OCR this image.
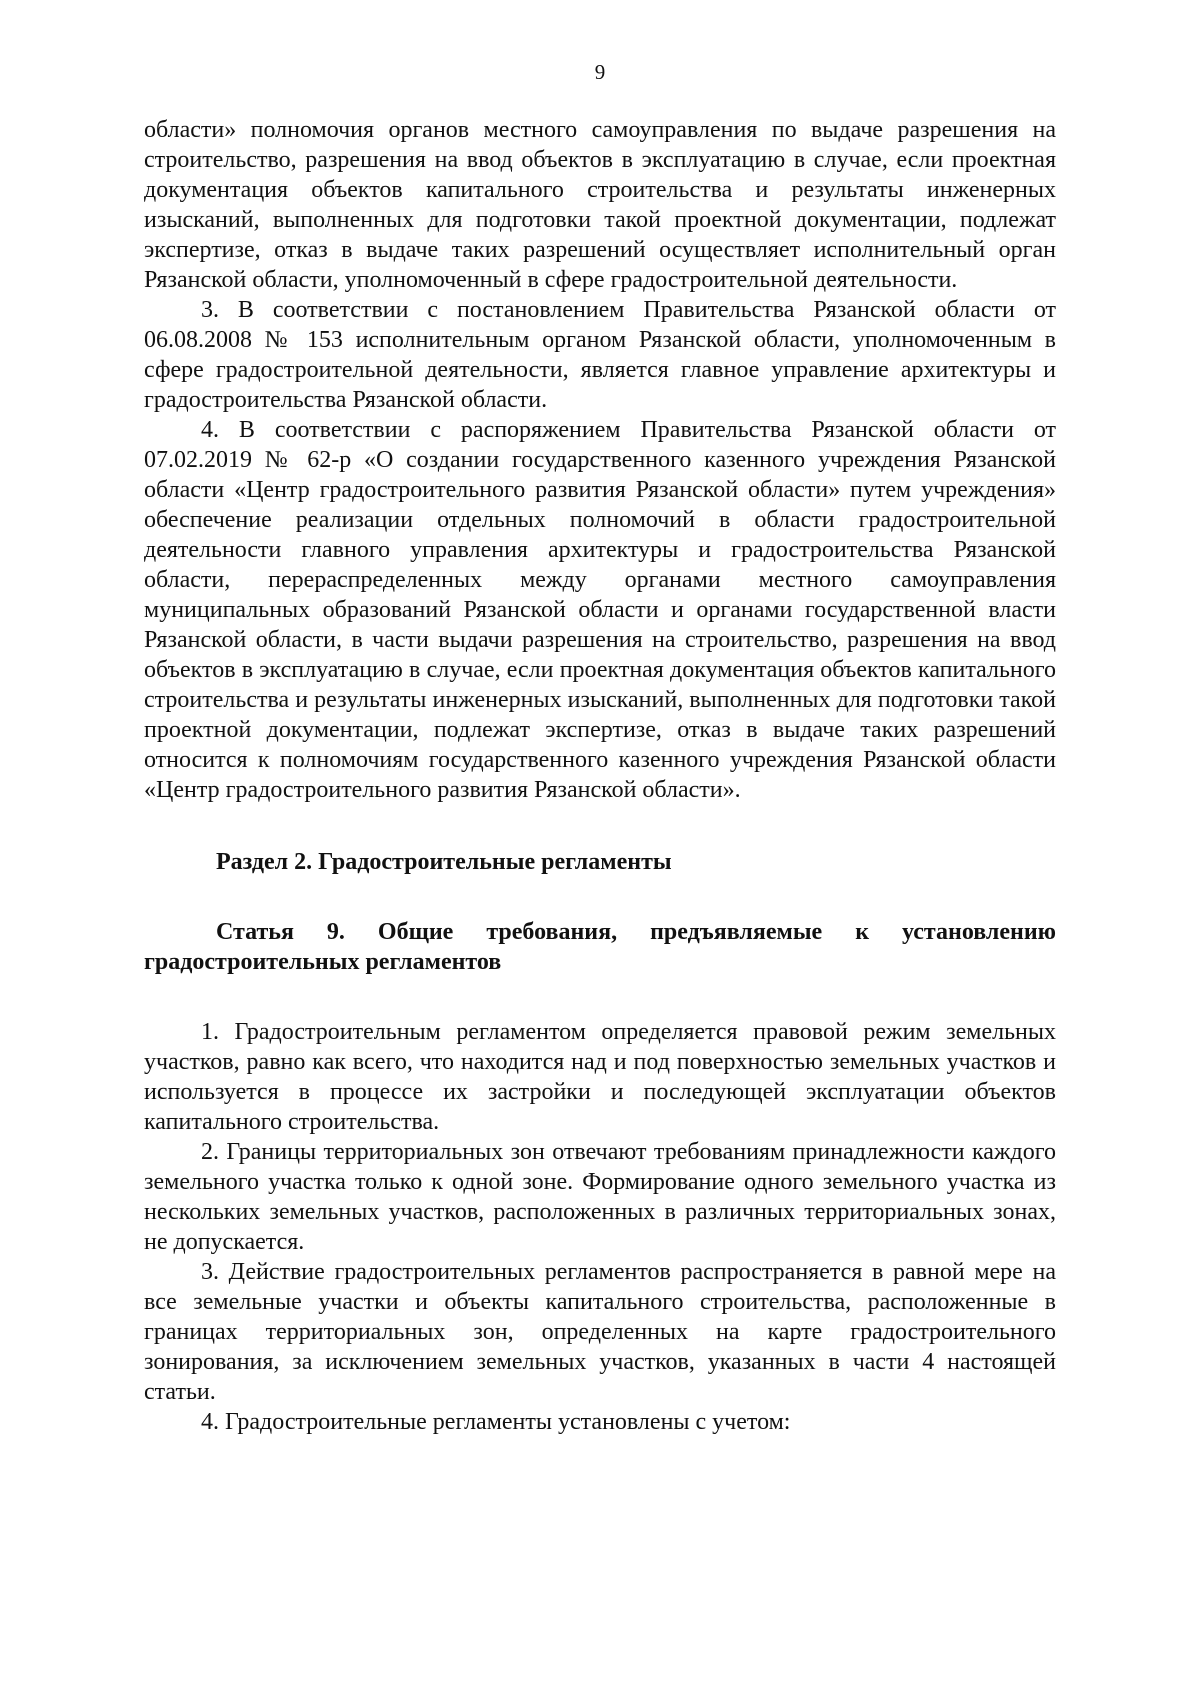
9

области» полномочия органов местного самоуправления по выдаче разрешения на строительство, разрешения на ввод объектов в эксплуатацию в случае, если проектная документация объектов капитального строительства и результаты инженерных изысканий, выполненных для подготовки такой проектной документации, подлежат экспертизе, отказ в выдаче таких разрешений осуществляет исполнительный орган Рязанской области, уполномоченный в сфере градостроительной деятельности.

3. В соответствии с постановлением Правительства Рязанской области от 06.08.2008 № 153 исполнительным органом Рязанской области, уполномоченным в сфере градостроительной деятельности, является главное управление архитектуры и градостроительства Рязанской области.

4. В соответствии с распоряжением Правительства Рязанской области от 07.02.2019 № 62-р «О создании государственного казенного учреждения Рязанской области «Центр градостроительного развития Рязанской области» путем учреждения» обеспечение реализации отдельных полномочий в области градостроительной деятельности главного управления архитектуры и градостроительства Рязанской области, перераспределенных между органами местного самоуправления муниципальных образований Рязанской области и органами государственной власти Рязанской области, в части выдачи разрешения на строительство, разрешения на ввод объектов в эксплуатацию в случае, если проектная документация объектов капитального строительства и результаты инженерных изысканий, выполненных для подготовки такой проектной документации, подлежат экспертизе, отказ в выдаче таких разрешений относится к полномочиям государственного казенного учреждения Рязанской области «Центр градостроительного развития Рязанской области».

Раздел 2. Градостроительные регламенты

Статья 9. Общие требования, предъявляемые к установлению градостроительных регламентов

1. Градостроительным регламентом определяется правовой режим земельных участков, равно как всего, что находится над и под поверхностью земельных участков и используется в процессе их застройки и последующей эксплуатации объектов капитального строительства.

2. Границы территориальных зон отвечают требованиям принадлежности каждого земельного участка только к одной зоне. Формирование одного земельного участка из нескольких земельных участков, расположенных в различных территориальных зонах, не допускается.

3. Действие градостроительных регламентов распространяется в равной мере на все земельные участки и объекты капитального строительства, расположенные в границах территориальных зон, определенных на карте градостроительного зонирования, за исключением земельных участков, указанных в части 4 настоящей статьи.

4. Градостроительные регламенты установлены с учетом:
